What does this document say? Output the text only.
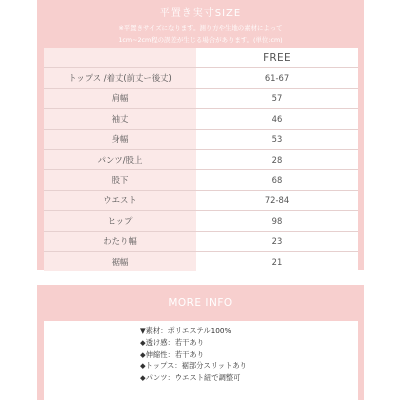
平置き実寸SIZE
※平置きサイズになります。測り方や生地の素材によって
1cm~2cm程の誤差が生じる場合があります。(単位:cm)
	FREE
トップス /着丈(前丈ー後丈)	61-67
肩幅	57
袖丈	46
身幅	53
パンツ/股上	28
股下	68
ウエスト	72-84
ヒップ	98
わたり幅	23
裾幅	21
MORE INFO
▼素材：ポリエステル100%
◆透け感：若干あり
◆伸縮性：若干あり
◆トップス：裾部分スリットあり
◆パンツ：ウエスト紐で調整可
